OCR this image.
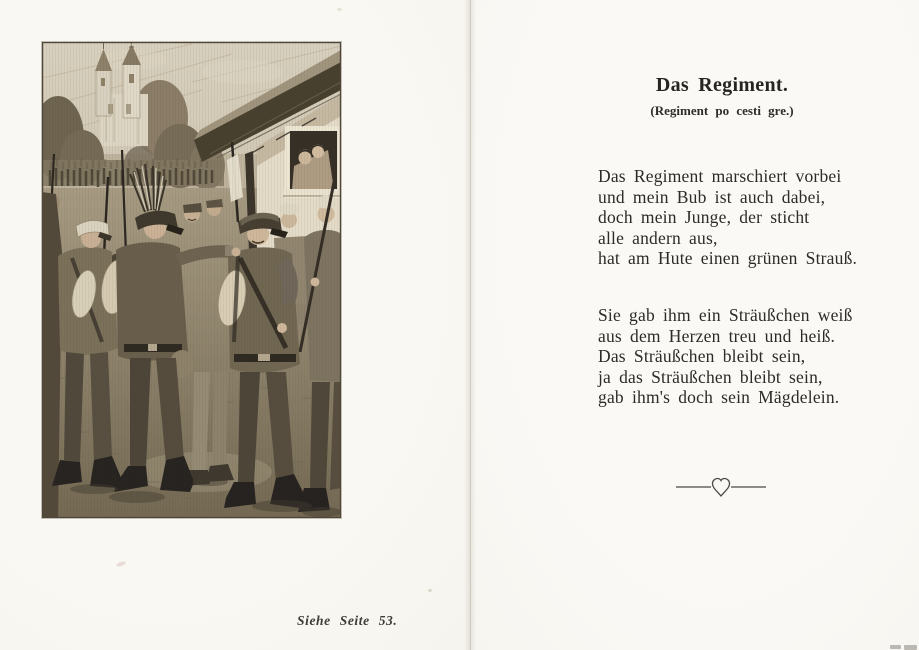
Siehe Seite 53.
Das Regiment.
(Regiment po cesti gre.)
Das Regiment marschiert vorbei
und mein Bub ist auch dabei,
doch mein Junge, der sticht
alle andern aus,
hat am Hute einen grünen Strauß.
Sie gab ihm ein Sträußchen weiß
aus dem Herzen treu und heiß.
Das Sträußchen bleibt sein,
ja das Sträußchen bleibt sein,
gab ihm's doch sein Mägdelein.
